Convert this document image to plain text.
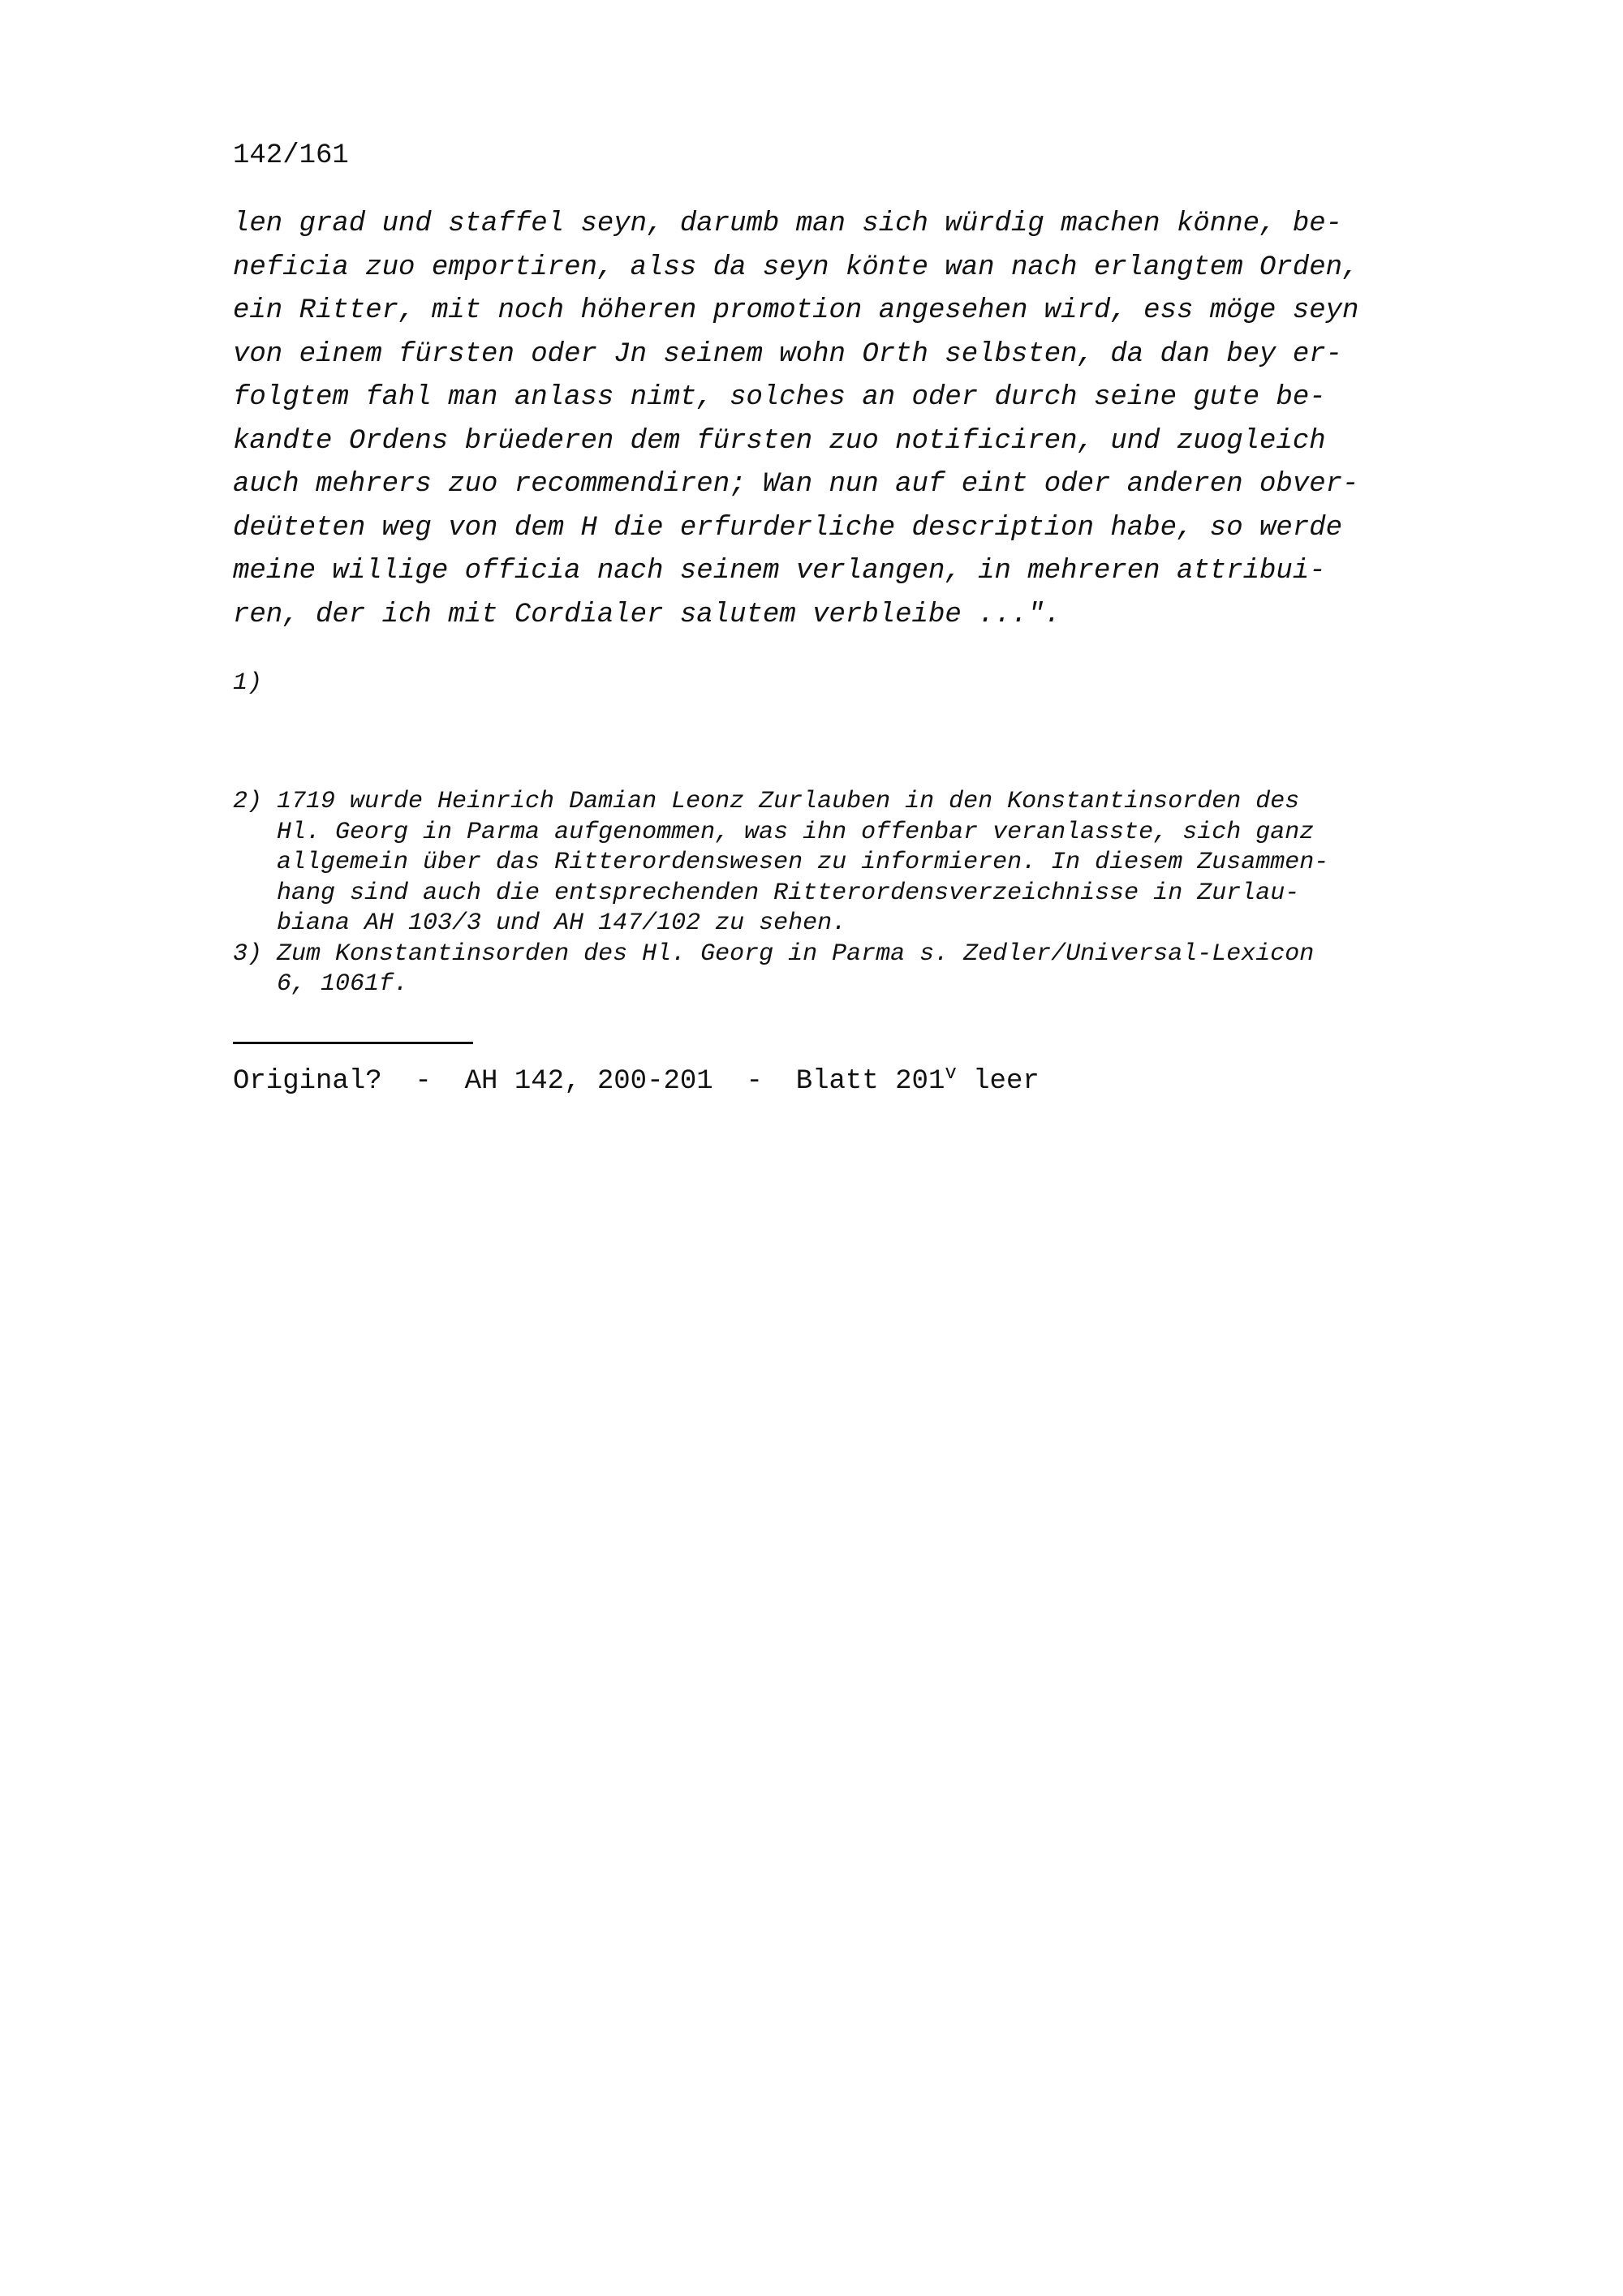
142/161
len grad und staffel seyn, darumb man sich würdig machen könne, be-
neficia zuo emportiren, alss da seyn könte wan nach erlangtem Orden,
ein Ritter, mit noch höheren promotion angesehen wird, ess möge seyn
von einem fürsten oder Jn seinem wohn Orth selbsten, da dan bey er-
folgtem fahl man anlass nimt, solches an oder durch seine gute be-
kandte Ordens brüederen dem fürsten zuo notificiren, und zuogleich
auch mehrers zuo recommendiren; Wan nun auf eint oder anderen obver-
deüteten weg von dem H die erfurderliche description habe, so werde
meine willige officia nach seinem verlangen, in mehreren attribui-
ren, der ich mit Cordialer salutem verbleibe ...".
1)
2) 1719 wurde Heinrich Damian Leonz Zurlauben in den Konstantinsorden des
Hl. Georg in Parma aufgenommen, was ihn offenbar veranlasste, sich ganz
allgemein über das Ritterordenswesen zu informieren. In diesem Zusammen-
hang sind auch die entsprechenden Ritterordensverzeichnisse in Zurlau-
biana AH 103/3 und AH 147/102 zu sehen.
3) Zum Konstantinsorden des Hl. Georg in Parma s. Zedler/Universal-Lexicon
6, 1061f.
Original?  -  AH 142, 200-201  -  Blatt 201$^v$ leer
